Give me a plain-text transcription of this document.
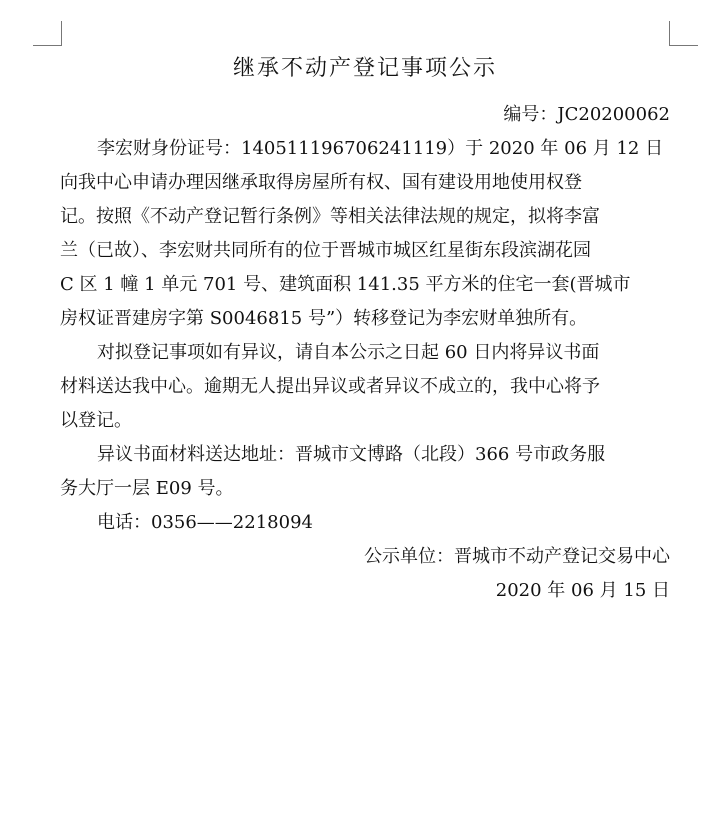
继承不动产登记事项公示

编号：JC20200062

李宏财身份证号：140511196706241119）于 2020 年 06 月 12 日

向我中心申请办理因继承取得房屋所有权、国有建设用地使用权登

记。按照《不动产登记暂行条例》等相关法律法规的规定，拟将李富

兰（已故）、李宏财共同所有的位于晋城市城区红星街东段滨湖花园

C 区 1 幢 1 单元 701 号、建筑面积 141.35 平方米的住宅一套(晋城市

房权证晋建房字第 S0046815 号”）转移登记为李宏财单独所有。

对拟登记事项如有异议，请自本公示之日起 60 日内将异议书面

材料送达我中心。逾期无人提出异议或者异议不成立的，我中心将予

以登记。

异议书面材料送达地址：晋城市文博路（北段）366 号市政务服

务大厅一层 E09 号。

电话：0356——2218094

公示单位：晋城市不动产登记交易中心

2020 年 06 月 15 日
